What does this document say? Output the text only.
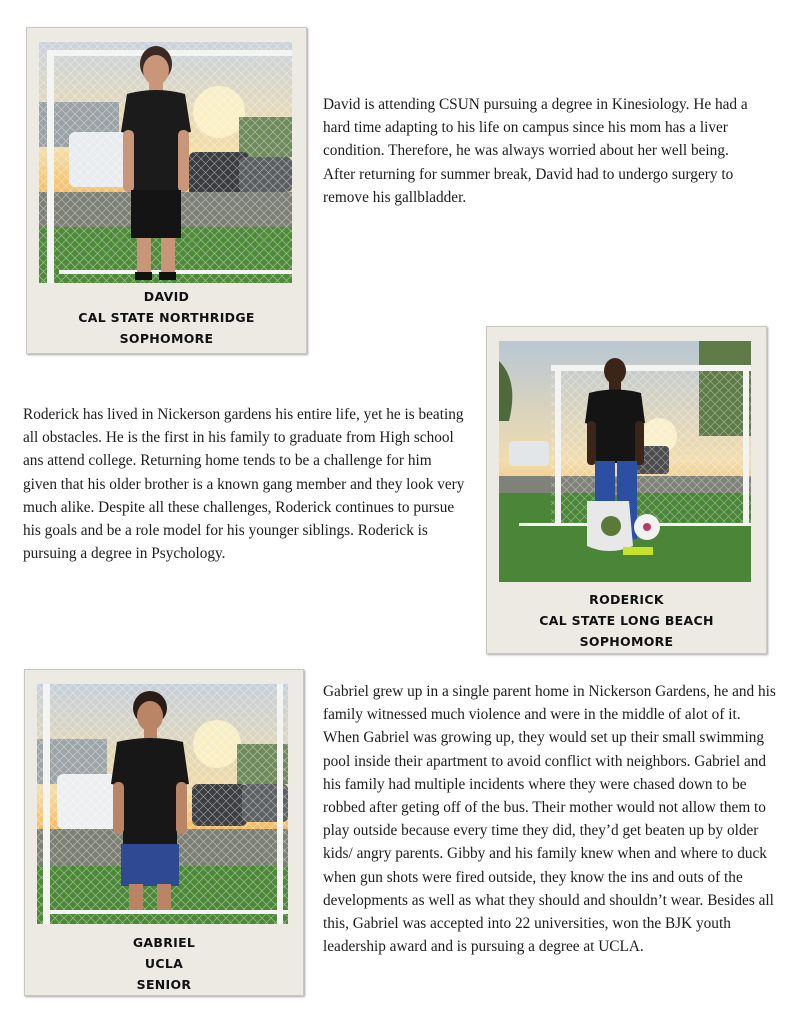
DAVID
CAL STATE NORTHRIDGE
SOPHOMORE
David is attending CSUN pursuing a degree in Kinesiology. He had a hard time adapting to his life on campus since his mom has a liver condition. Therefore, he was always worried about her well being. After returning for summer break, David had to undergo surgery to remove his gallbladder.
RODERICK
CAL STATE LONG BEACH
SOPHOMORE
Roderick has lived in Nickerson gardens his entire life, yet he is beating all obstacles. He is the first in his family to graduate from High school ans attend college. Returning home tends to be a challenge for him given that his older brother is a known gang member and they look very much alike. Despite all these challenges, Roderick continues to pursue his goals and be a role model for his younger siblings. Roderick is pursuing a degree in Psychology.
GABRIEL
UCLA
SENIOR
Gabriel grew up in a single parent home in Nickerson Gardens, he and his family witnessed much violence and were in the middle of alot of it. When Gabriel was growing up, they would set up their small swimming pool inside their apartment to avoid conflict with neighbors. Gabriel and his family had multiple incidents where they were chased down to be robbed after geting off of the bus. Their mother would not allow them to play outside because every time they did, they’d get beaten up by older kids/ angry parents. Gibby and his family knew when and where to duck when gun shots were fired outside, they know the ins and outs of the developments as well as what they should and shouldn’t wear. Besides all this, Gabriel was accepted into 22 universities, won the BJK youth leadership award and is pursuing a degree at UCLA.
